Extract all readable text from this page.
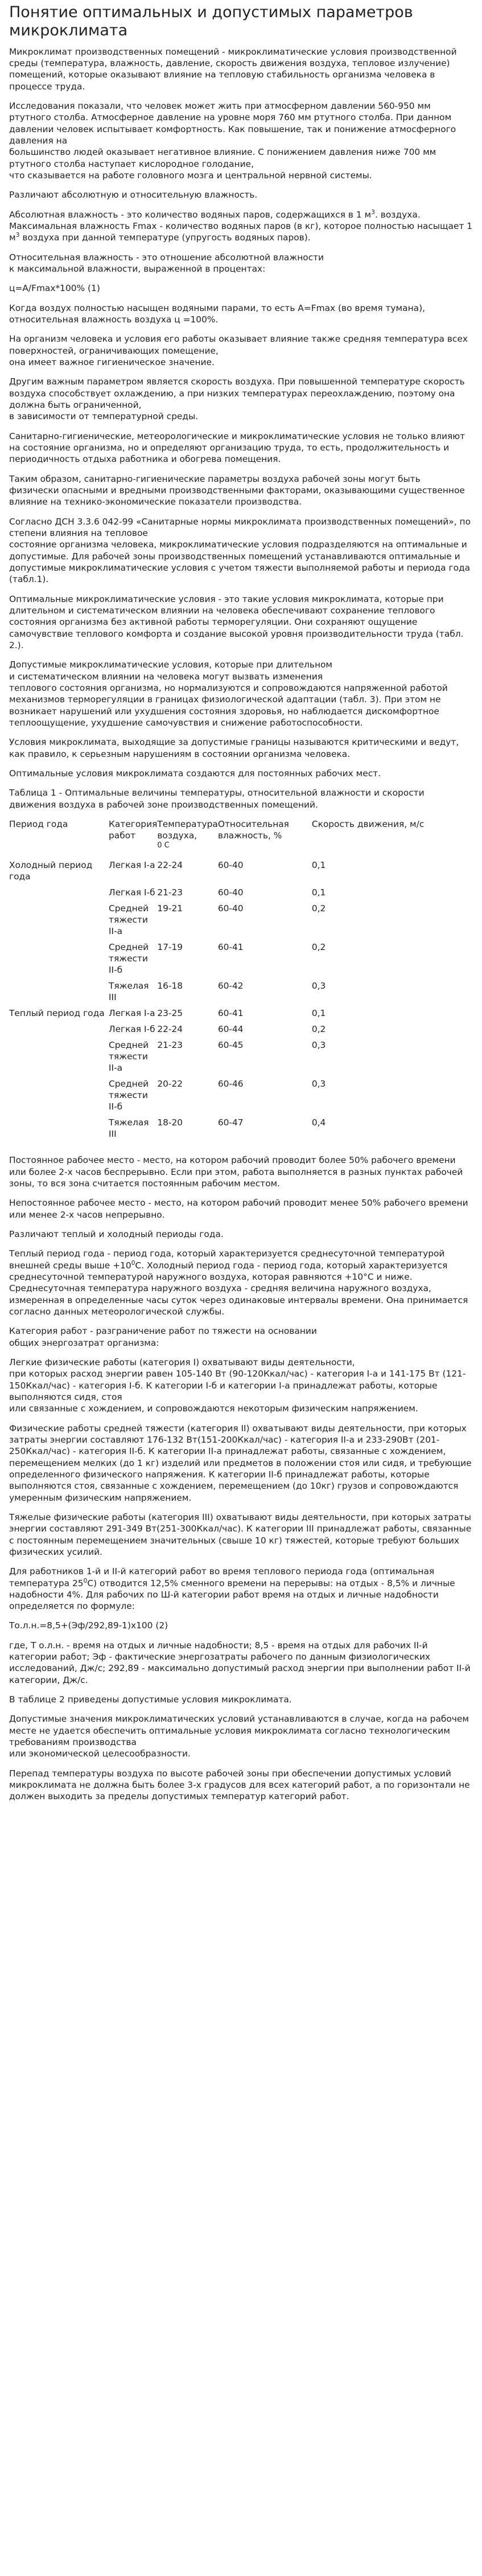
Понятие оптимальных и допустимых параметров микроклимата

Микроклимат производственных помещений - микроклиматические условия производственной среды (температура, влажность, давление, скорость движения воздуха, тепловое излучение) помещений, которые оказывают влияние на тепловую стабильность организма человека в процессе труда.

Исследования показали, что человек может жить при атмосферном давлении 560-950 мм ртутного столба. Атмосферное давление на уровне моря 760 мм ртутного столба. При данном давлении человек испытывает комфортность. Как повышение, так и понижение атмосферного давления на
большинство людей оказывает негативное влияние. С понижением давления ниже 700 мм ртутного столба наступает кислородное голодание,
что сказывается на работе головного мозга и центральной нервной системы.

Различают абсолютную и относительную влажность.

Абсолютная влажность - это количество водяных паров, содержащихся в 1 $м^3$. воздуха. Максимальная влажность Fmax - количество водяных паров (в кг), которое полностью насыщает 1 $м^3$ воздуха при данной температуре (упругость водяных паров).

Относительная влажность - это отношение абсолютной влажности
к максимальной влажности, выраженной в процентах:

ц=A/Fmax*100% (1)

Когда воздух полностью насыщен водяными парами, то есть A=Fmax (во время тумана), относительная влажность воздуха ц =100%.

На организм человека и условия его работы оказывает влияние также средняя температура всех поверхностей, ограничивающих помещение,
она имеет важное гигиеническое значение.

Другим важным параметром является скорость воздуха. При повышенной температуре скорость воздуха способствует охлаждению, а при низких температурах переохлаждению, поэтому она должна быть ограниченной,
в зависимости от температурной среды.

Санитарно-гигиенические, метеорологические и микроклиматические условия не только влияют на состояние организма, но и определяют организацию труда, то есть, продолжительность и периодичность отдыха работника и обогрева помещения.

Таким образом, санитарно-гигиенические параметры воздуха рабочей зоны могут быть физически опасными и вредными производственными факторами, оказывающими существенное влияние на технико-экономические показатели производства.

Согласно ДСН 3.3.6 042-99 «Санитарные нормы микроклимата производственных помещений», по степени влияния на тепловое
состояние организма человека, микроклиматические условия подразделяются на оптимальные и допустимые. Для рабочей зоны производственных помещений устанавливаются оптимальные и допустимые микроклиматические условия с учетом тяжести выполняемой работы и периода года (табл.1).

Оптимальные микроклиматические условия - это такие условия микроклимата, которые при длительном и систематическом влиянии на человека обеспечивают сохранение теплового состояния организма без активной работы терморегуляции. Они сохраняют ощущение самочувствие теплового комфорта и создание высокой уровня производительности труда (табл. 2.).

Допустимые микроклиматические условия, которые при длительном
и систематическом влиянии на человека могут вызвать изменения
теплового состояния организма, но нормализуются и сопровождаются напряженной работой механизмов терморегуляции в границах физиологической адаптации (табл. 3). При этом не возникает нарушений или ухудшения состояния здоровья, но наблюдается дискомфортное теплоощущение, ухудшение самочувствия и снижение работоспособности.

Условия микроклимата, выходящие за допустимые границы называются критическими и ведут, как правило, к серьезным нарушениям в состоянии организма человека.

Оптимальные условия микроклимата создаются для постоянных рабочих мест.

Таблица 1 - Оптимальные величины температуры, относительной влажности и скорости движения воздуха в рабочей зоне производственных помещений.

Период года	Категория работ	Температура воздуха,$^{0 С}$	Относительная влажность, %	Скорость движения, м/с
Холодный период года	Легкая I-а	22-24	60-40	0,1
	Легкая I-б	21-23	60-40	0,1
	Средней тяжести II-а	19-21	60-40	0,2
	Средней тяжести II-б	17-19	60-41	0,2
	Тяжелая III	16-18	60-42	0,3
Теплый период года	Легкая I-а	23-25	60-41	0,1
	Легкая I-б	22-24	60-44	0,2
	Средней тяжести II-а	21-23	60-45	0,3
	Средней тяжести II-б	20-22	60-46	0,3
	Тяжелая III	18-20	60-47	0,4

Постоянное рабочее место - место, на котором рабочий проводит более 50% рабочего времени или более 2-х часов беспрерывно. Если при этом, работа выполняется в разных пунктах рабочей зоны, то вся зона считается постоянным рабочим местом.

Непостоянное рабочее место - место, на котором рабочий проводит менее 50% рабочего времени или менее 2-х часов непрерывно.

Различают теплый и холодный периоды года.

Теплый период года - период года, который характеризуется среднесуточной температурой внешней среды выше $+10^0С$. Холодный период года - период года, который характеризуется среднесуточной температурой наружного воздуха, которая равняются +10°С и ниже. Среднесуточная температура наружного воздуха - средняя величина наружного воздуха, измеренная в определенные часы суток через одинаковые интервалы времени. Она принимается согласно данных метеорологической службы.

Категория работ - разграничение работ по тяжести на основании
общих энергозатрат организма:

Легкие физические работы (категория I) охватывают виды деятельности,
при которых расход энергии равен 105-140 Вт (90-120Ккал/час) - категория I-а и 141-175 Вт (121-150Ккал/час) - категория I-б. К категории I-б и категории I-а принадлежат работы, которые выполняются сидя, стоя
или связанные с хождением, и сопровождаются некоторым физическим напряжением.

Физические работы средней тяжести (категория II) охватывают виды деятельности, при которых затраты энергии составляют 176-132 Вт(151-200Ккал/час) - категория II-а и 233-290Вт (201-250Ккал/час) - категория II-б. К категории II-а принадлежат работы, связанные с хождением, перемещением мелких (до 1 кг) изделий или предметов в положении стоя или сидя, и требующие определенного физического напряжения. К категории II-б принадлежат работы, которые выполняются стоя, связанные с хождением, перемещением (до 10кг) грузов и сопровождаются умеренным физическим напряжением.

Тяжелые физические работы (категория III) охватывают виды деятельности, при которых затраты энергии составляют 291-349 Вт(251-300Ккал/час). К категории III принадлежат работы, связанные с постоянным перемещением значительных (свыше 10 кг) тяжестей, которые требуют больших физических усилий.

Для работников 1-й и II-й категорий работ во время теплового периода года (оптимальная температура $25^0С$) отводится 12,5% сменного времени на перерывы: на отдых - 8,5% и личные надобности 4%. Для рабочих по Ш-й категории работ время на отдых и личные надобности определяется по формуле:

То.л.н.=8,5+(Эф/292,89-1)х100 (2)

где, Т о.л.н. - время на отдых и личные надобности; 8,5 - время на отдых для рабочих II-й категории работ; Эф - фактические энергозатраты рабочего по данным физиологических исследований, Дж/с; 292,89 - максимально допустимый расход энергии при выполнении работ II-й категории, Дж/с.

В таблице 2 приведены допустимые условия микроклимата.

Допустимые значения микроклиматических условий устанавливаются в случае, когда на рабочем месте не удается обеспечить оптимальные условия микроклимата согласно технологическим требованиям производства
или экономической целесообразности.

Перепад температуры воздуха по высоте рабочей зоны при обеспечении допустимых условий микроклимата не должна быть более 3-х градусов для всех категорий работ, а по горизонтали не должен выходить за пределы допустимых температур категорий работ.
